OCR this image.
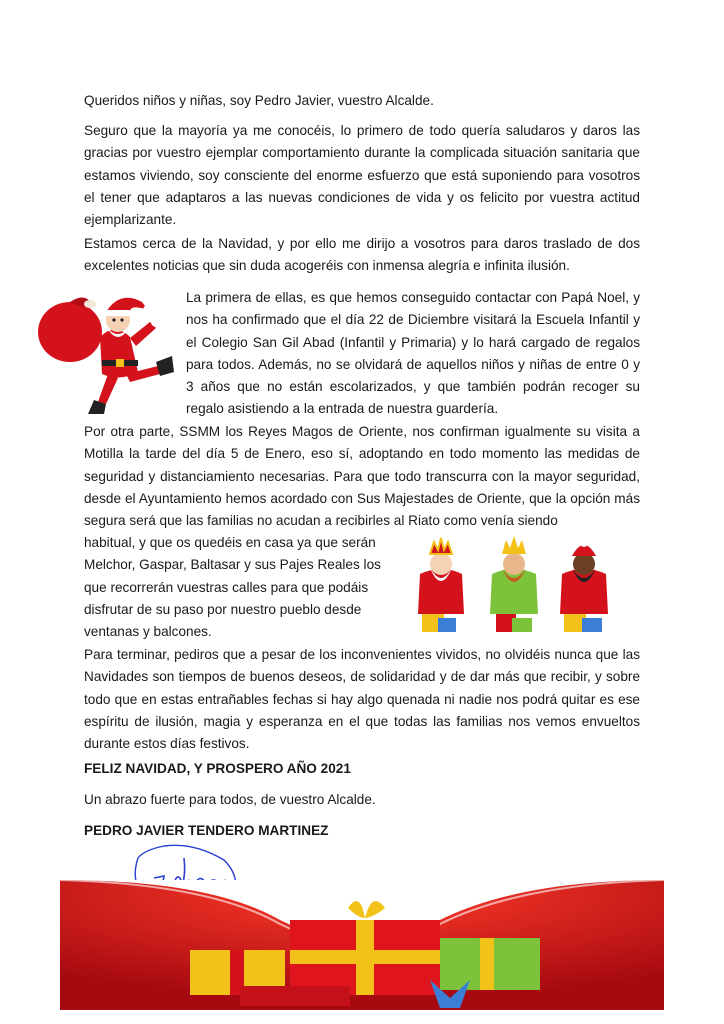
Queridos niños y niñas, soy Pedro Javier, vuestro Alcalde.

Seguro que la mayoría ya me conocéis, lo primero de todo quería saludaros y daros las gracias por vuestro ejemplar comportamiento durante la complicada situación sanitaria que estamos viviendo, soy consciente del enorme esfuerzo que está suponiendo para vosotros el tener que adaptaros a las nuevas condiciones de vida y os felicito por vuestra actitud ejemplarizante.

Estamos cerca de la Navidad, y por ello me dirijo a vosotros para daros traslado de dos excelentes noticias que sin duda acogeréis con inmensa alegría e infinita ilusión.

La primera de ellas, es que hemos conseguido contactar con Papá Noel, y nos ha confirmado que el día 22 de Diciembre visitará la Escuela Infantil y el Colegio San Gil Abad (Infantil y Primaria) y lo hará cargado de regalos para todos. Además, no se olvidará de aquellos niños y niñas de entre 0 y 3 años que no están escolarizados, y que también podrán recoger su regalo asistiendo a la entrada de nuestra guardería.

Por otra parte, SSMM los Reyes Magos de Oriente, nos confirman igualmente su visita a Motilla la tarde del día 5 de Enero, eso sí, adoptando en todo momento las medidas de seguridad y distanciamiento necesarias. Para que todo transcurra con la mayor seguridad, desde el Ayuntamiento hemos acordado con Sus Majestades de Oriente, que la opción más segura será que las familias no acudan a recibirles al Riato como venía siendo

habitual, y que os quedéis en casa ya que serán Melchor, Gaspar, Baltasar y sus Pajes Reales los que recorrerán vuestras calles para que podáis disfrutar de su paso por nuestro pueblo desde ventanas y balcones.

Para terminar, pediros que a pesar de los inconvenientes vividos, no olvidéis nunca que las Navidades son tiempos de buenos deseos, de solidaridad y de dar más que recibir, y sobre todo que en estas entrañables fechas si hay algo quenada ni nadie nos podrá quitar es ese espíritu de ilusión, magia y esperanza en el que todas las familias nos vemos envueltos durante estos días festivos.

FELIZ NAVIDAD, Y PROSPERO AÑO 2021

Un abrazo fuerte para todos, de vuestro Alcalde.

PEDRO JAVIER TENDERO MARTINEZ
